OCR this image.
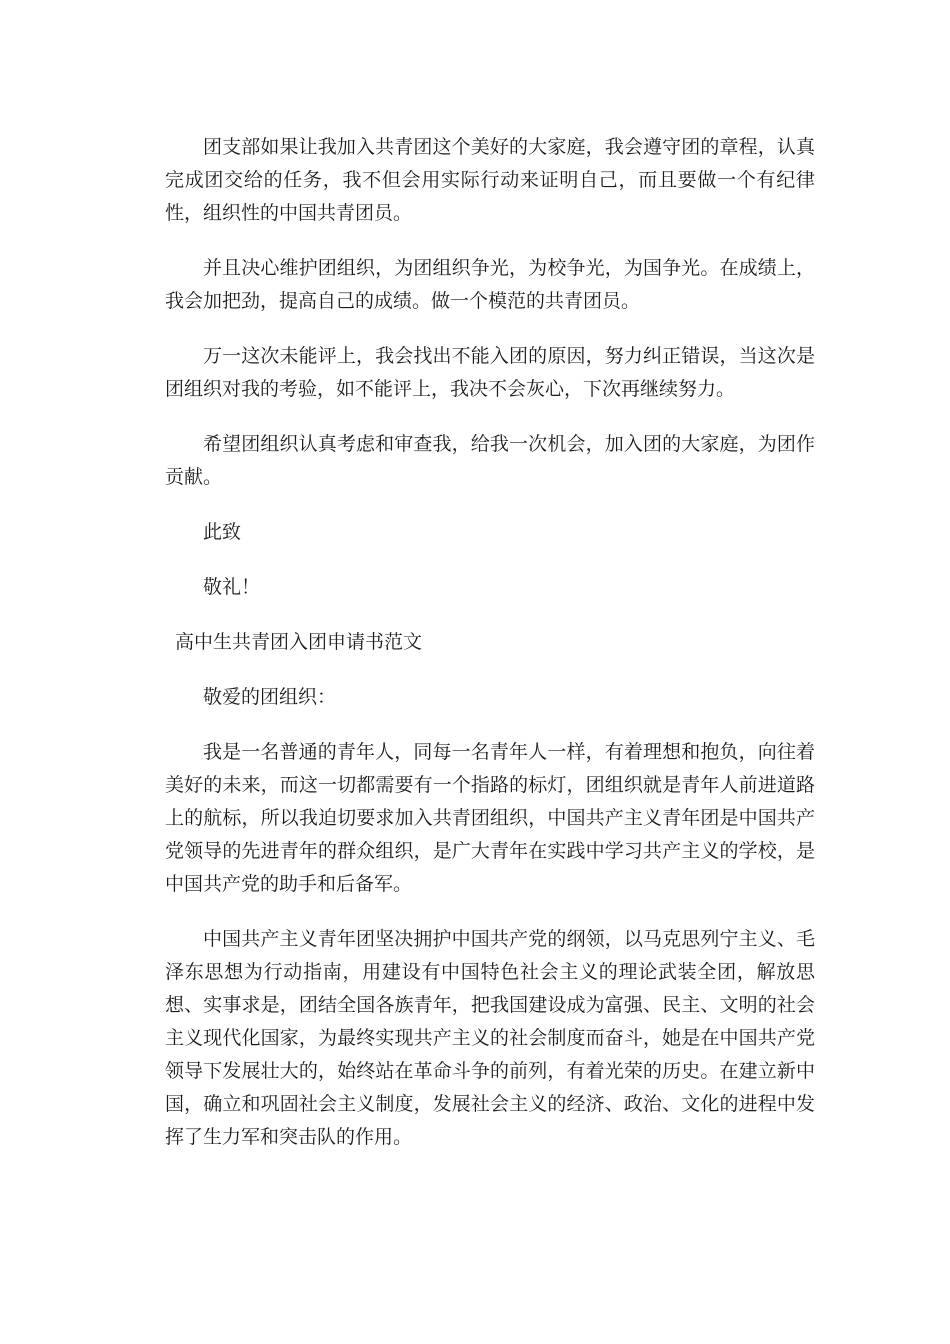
团支部如果让我加入共青团这个美好的大家庭，我会遵守团的章程，认真完成团交给的任务，我不但会用实际行动来证明自己，而且要做一个有纪律性，组织性的中国共青团员。

并且决心维护团组织，为团组织争光，为校争光，为国争光。在成绩上，我会加把劲，提高自己的成绩。做一个模范的共青团员。

万一这次未能评上，我会找出不能入团的原因，努力纠正错误，当这次是团组织对我的考验，如不能评上，我决不会灰心，下次再继续努力。

希望团组织认真考虑和审查我，给我一次机会，加入团的大家庭，为团作贡献。

此致

敬礼！

高中生共青团入团申请书范文

敬爱的团组织：

我是一名普通的青年人，同每一名青年人一样，有着理想和抱负，向往着美好的未来，而这一切都需要有一个指路的标灯，团组织就是青年人前进道路上的航标，所以我迫切要求加入共青团组织，中国共产主义青年团是中国共产党领导的先进青年的群众组织，是广大青年在实践中学习共产主义的学校，是中国共产党的助手和后备军。

中国共产主义青年团坚决拥护中国共产党的纲领，以马克思列宁主义、毛泽东思想为行动指南，用建设有中国特色社会主义的理论武装全团，解放思想、实事求是，团结全国各族青年，把我国建设成为富强、民主、文明的社会主义现代化国家，为最终实现共产主义的社会制度而奋斗，她是在中国共产党领导下发展壮大的，始终站在革命斗争的前列，有着光荣的历史。在建立新中国，确立和巩固社会主义制度，发展社会主义的经济、政治、文化的进程中发挥了生力军和突击队的作用。
